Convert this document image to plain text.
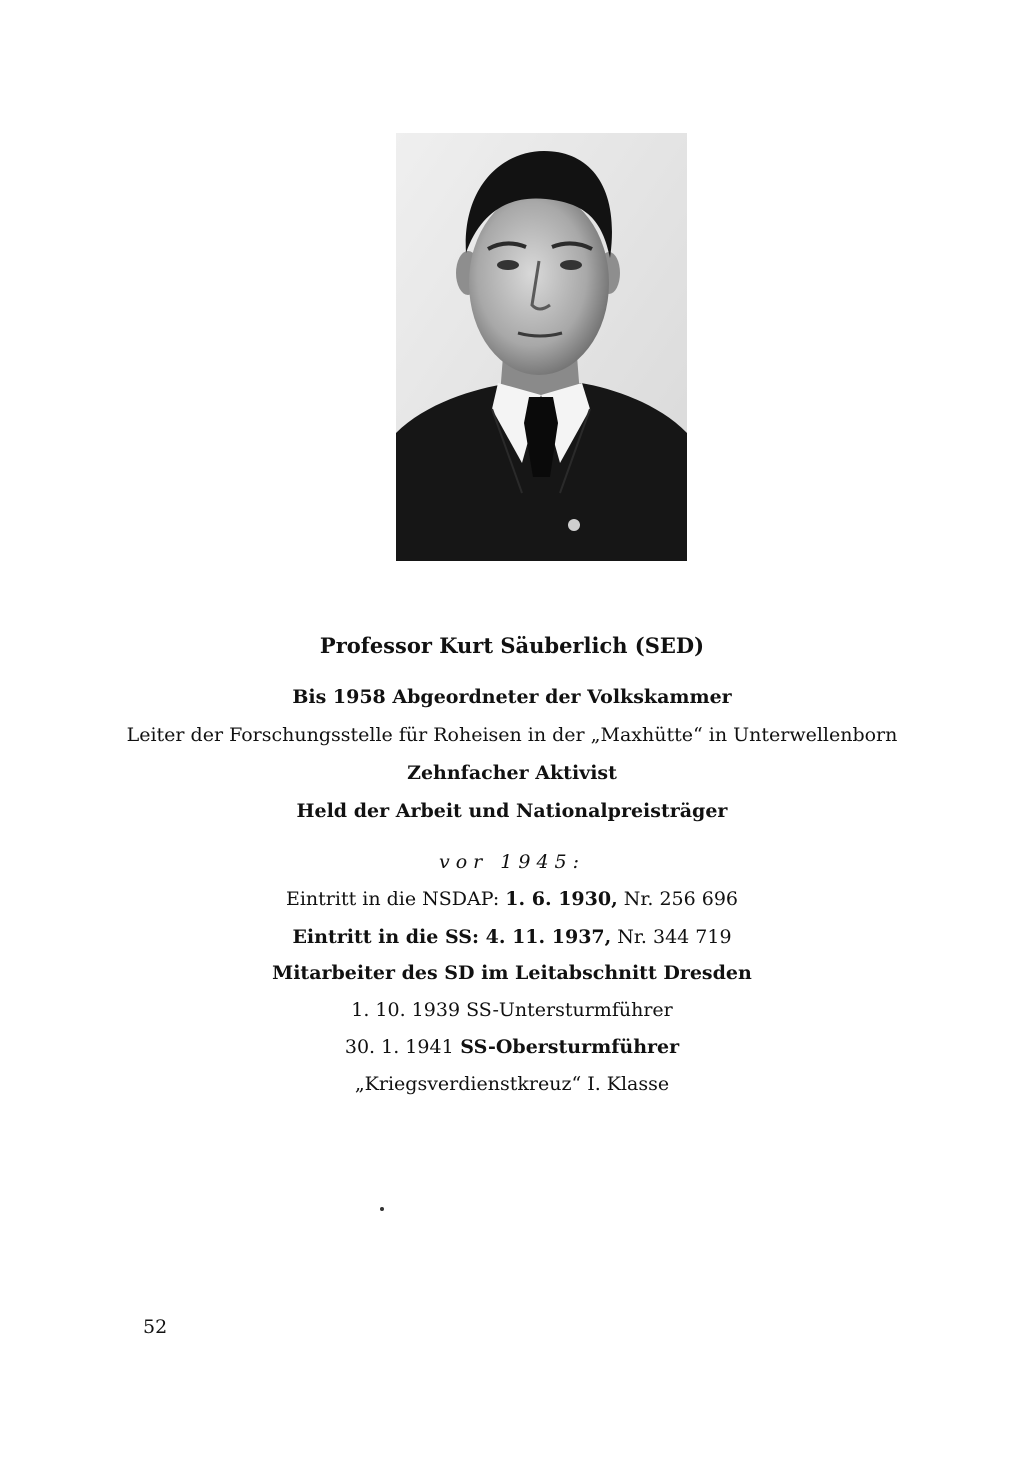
Professor Kurt Säuberlich (SED)
Bis 1958 Abgeordneter der Volkskammer
Leiter der Forschungsstelle für Roheisen in der „Maxhütte“ in Unterwellenborn
Zehnfacher Aktivist
Held der Arbeit und Nationalpreisträger
vor 1945:
Eintritt in die NSDAP: 1. 6. 1930, Nr. 256 696
Eintritt in die SS: 4. 11. 1937, Nr. 344 719
Mitarbeiter des SD im Leitabschnitt Dresden
1. 10. 1939 SS-Untersturmführer
30. 1. 1941 SS-Obersturmführer
„Kriegsverdienstkreuz“ I. Klasse
52
